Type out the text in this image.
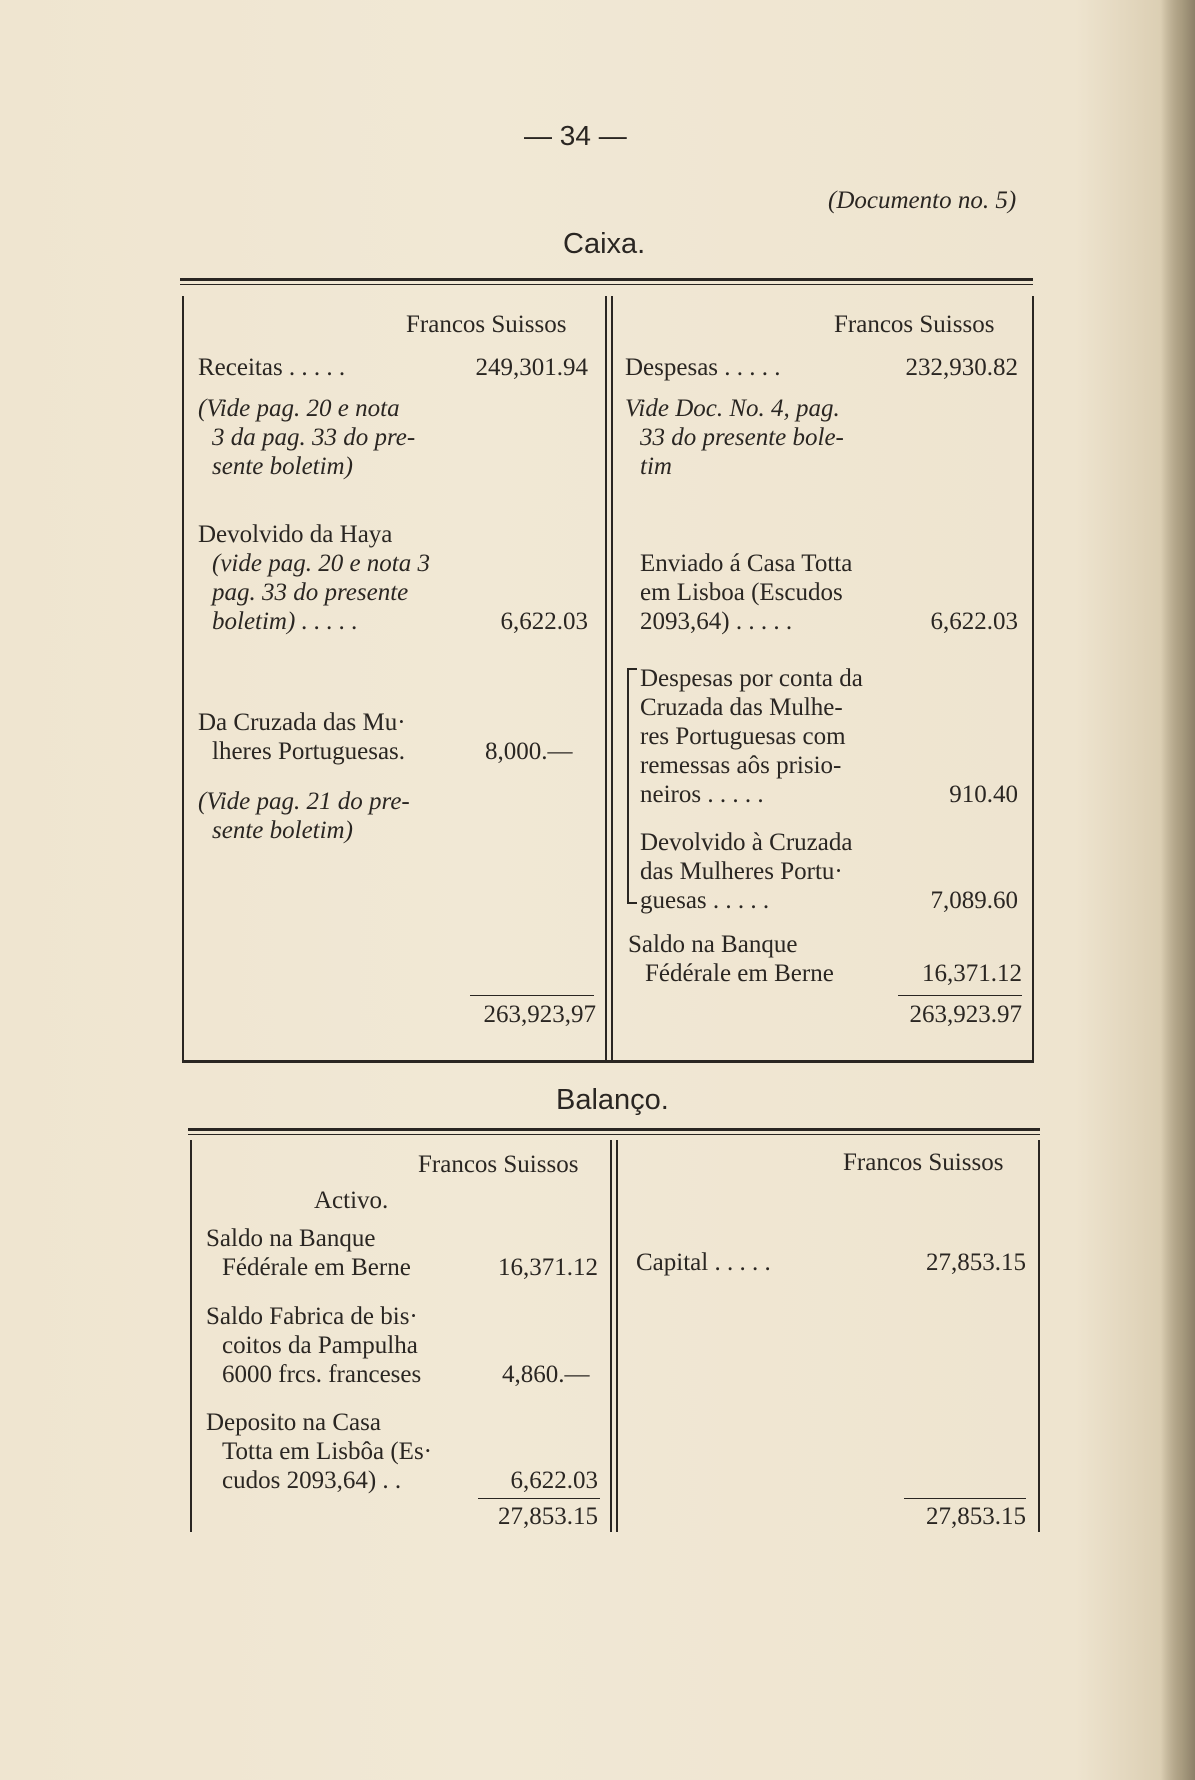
— 34 —
(Documento no. 5)
Caixa.
Francos Suissos	Francos Suissos
Receitas . . . . .	249,301.94
(Vide pag. 20 e nota
3 da pag. 33 do pre-
sente boletim)
Devolvido da Haya
(vide pag. 20 e nota 3
pag. 33 do presente
boletim) . . . . .	6,622.03
Da Cruzada das Mu·
lheres Portuguesas.	8,000.—
(Vide pag. 21 do pre-
sente boletim)
263,923,97
Despesas . . . . .	232,930.82
Vide Doc. No. 4, pag.
33 do presente bole-
tim
Enviado á Casa Totta
em Lisboa (Escudos
2093,64) . . . . .	6,622.03
Despesas por conta da
Cruzada das Mulhe-
res Portuguesas com
remessas aôs prisio-
neiros . . . . .	910.40
Devolvido à Cruzada
das Mulheres Portu·
guesas . . . . .	7,089.60
Saldo na Banque
Fédérale em Berne	16,371.12
263,923.97
Balanço.
Francos Suissos	Francos Suissos
Activo.
Saldo na Banque
Fédérale em Berne	16,371.12
Saldo Fabrica de bis·
coitos da Pampulha
6000 frcs. franceses	4,860.—
Deposito na Casa
Totta em Lisbôa (Es·
cudos 2093,64) . .	6,622.03
27,853.15
Capital . . . . .	27,853.15
27,853.15
